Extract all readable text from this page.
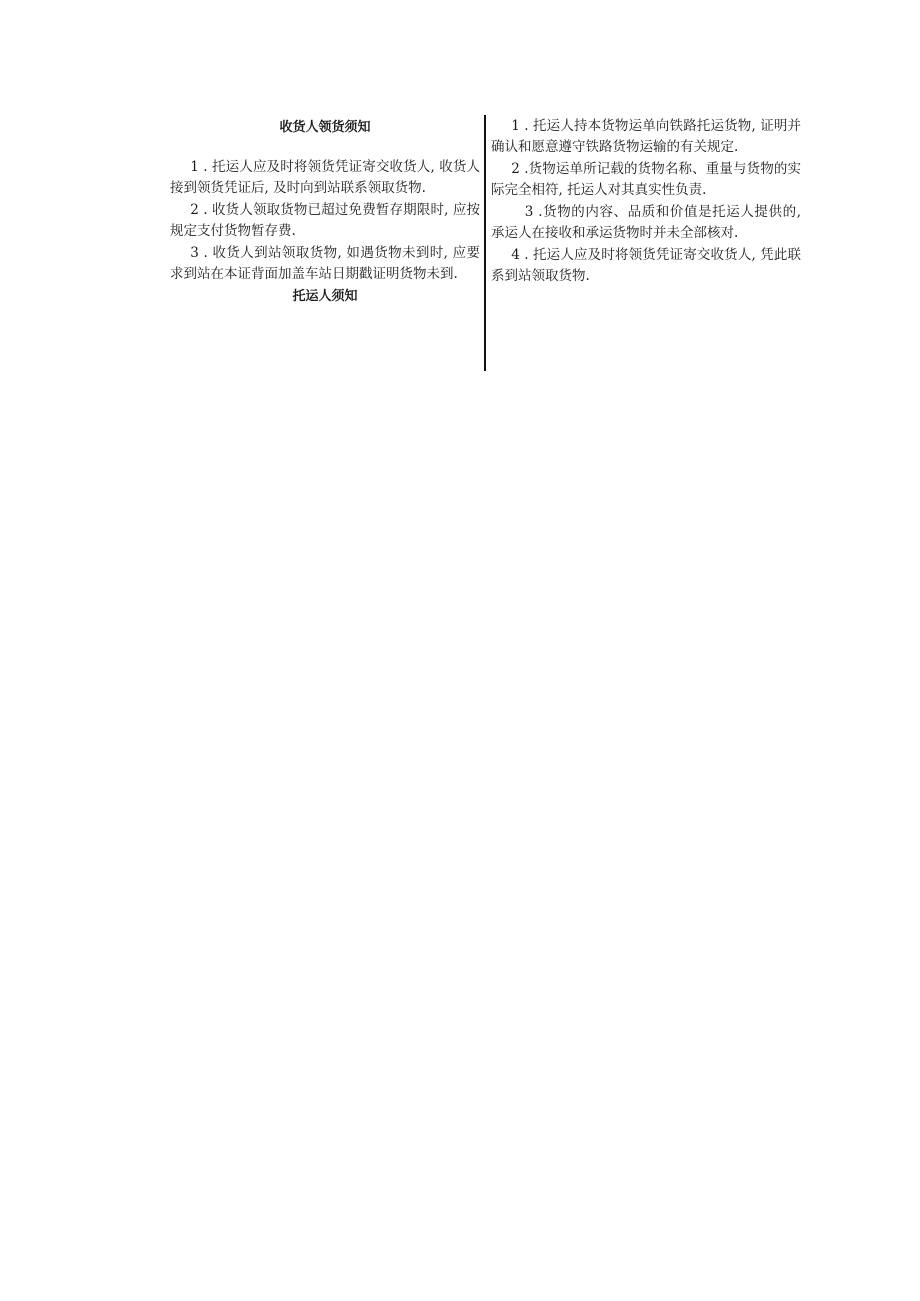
收货人领货须知

1 . 托运人应及时将领货凭证寄交收货人, 收货人接到领货凭证后, 及时向到站联系领取货物.

2 . 收货人领取货物已超过免费暂存期限时, 应按规定支付货物暂存费.

3 . 收货人到站领取货物, 如遇货物未到时, 应要求到站在本证背面加盖车站日期戳证明货物未到.

托运人须知

1 . 托运人持本货物运单向铁路托运货物, 证明并确认和愿意遵守铁路货物运输的有关规定.

2 .货物运单所记载的货物名称、重量与货物的实际完全相符, 托运人对其真实性负责.

3 .货物的内容、品质和价值是托运人提供的, 承运人在接收和承运货物时并未全部核对.

4 . 托运人应及时将领货凭证寄交收货人, 凭此联系到站领取货物.
